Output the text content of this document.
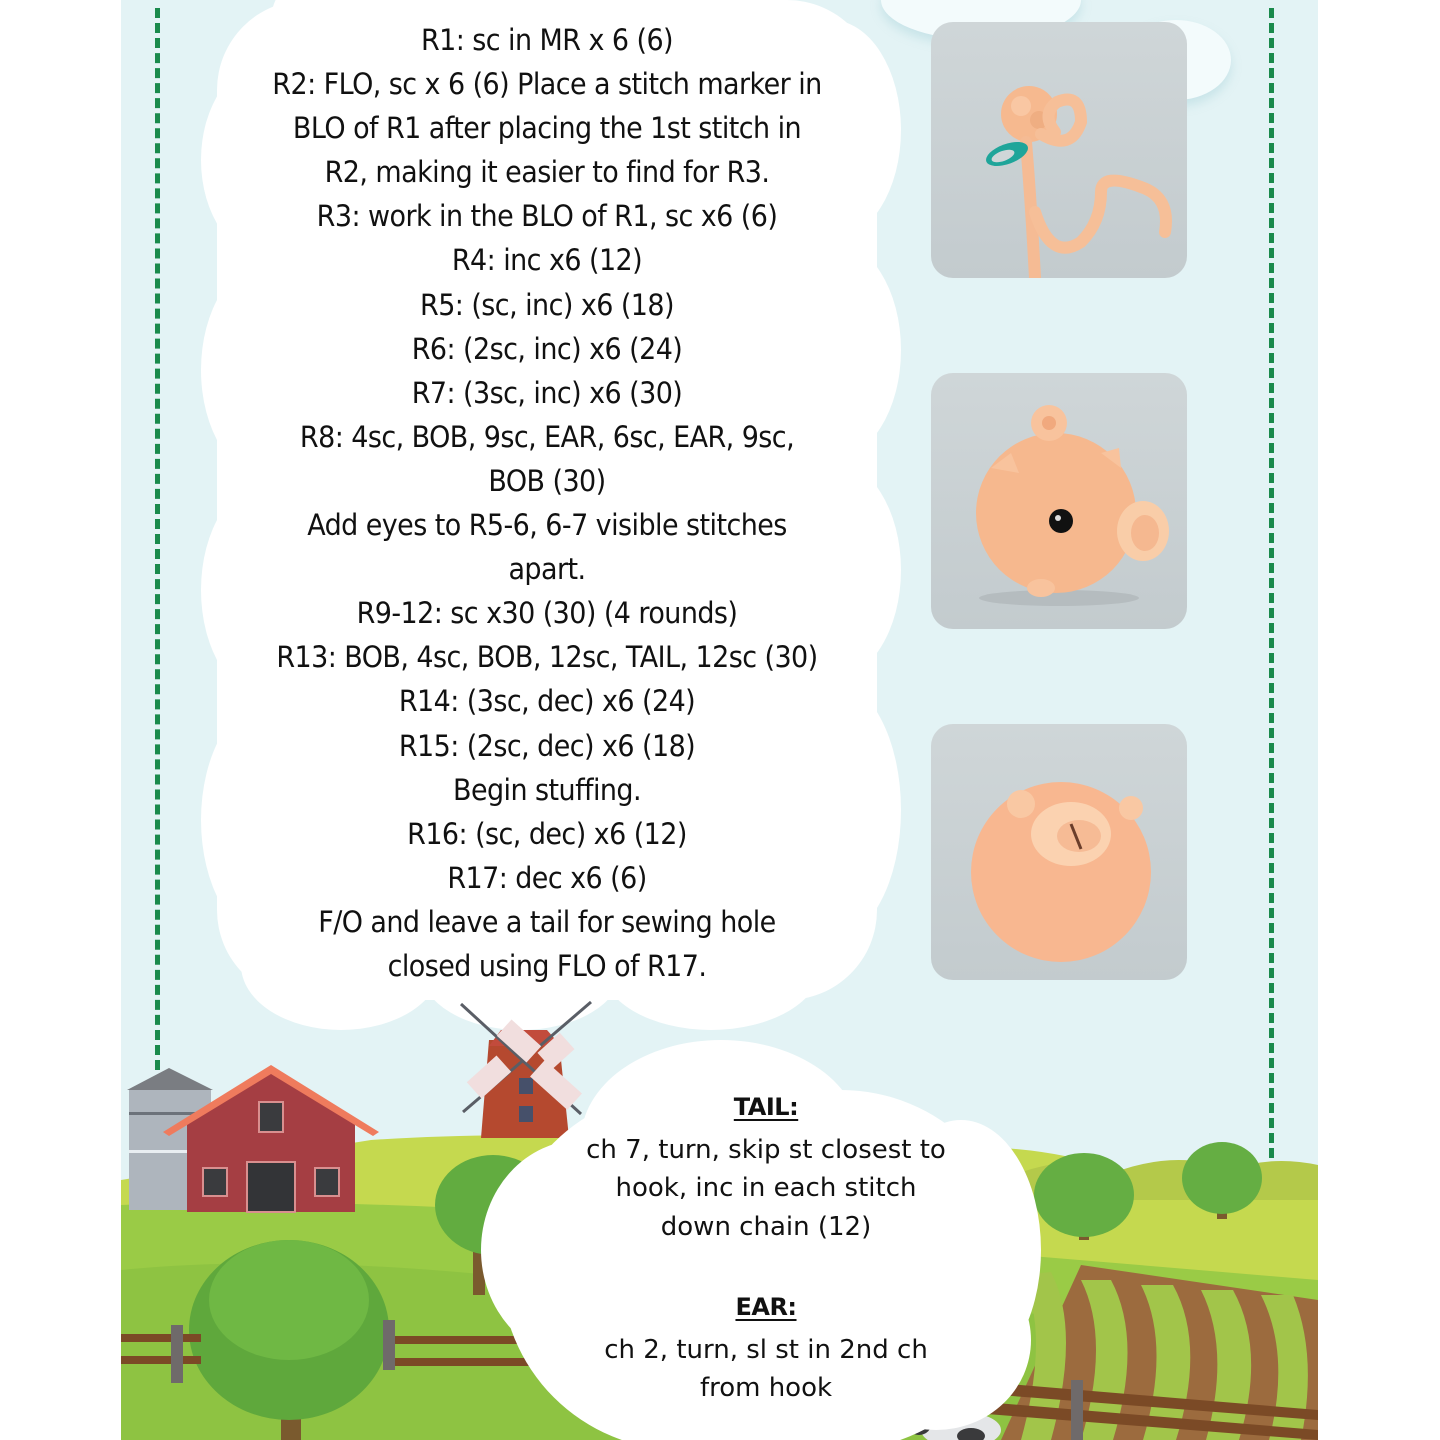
R1: sc in MR x 6 (6)
R2: FLO, sc x 6 (6) Place a stitch marker in
BLO of R1 after placing the 1st stitch in
R2, making it easier to find for R3.
R3: work in the BLO of R1, sc x6 (6)
R4: inc x6 (12)
R5: (sc, inc) x6 (18)
R6: (2sc, inc) x6 (24)
R7: (3sc, inc) x6 (30)
R8: 4sc, BOB, 9sc, EAR, 6sc, EAR, 9sc,
BOB (30)
Add eyes to R5-6, 6-7 visible stitches
apart.
R9-12: sc x30 (30) (4 rounds)
R13: BOB, 4sc, BOB, 12sc, TAIL, 12sc (30)
R14: (3sc, dec) x6 (24)
R15: (2sc, dec) x6 (18)
Begin stuffing.
R16: (sc, dec) x6 (12)
R17: dec x6 (6)
F/O and leave a tail for sewing hole
closed using FLO of R17.
TAIL:
ch 7, turn, skip st closest to
hook, inc in each stitch
down chain (12)
EAR:
ch 2, turn, sl st in 2nd ch
from hook
